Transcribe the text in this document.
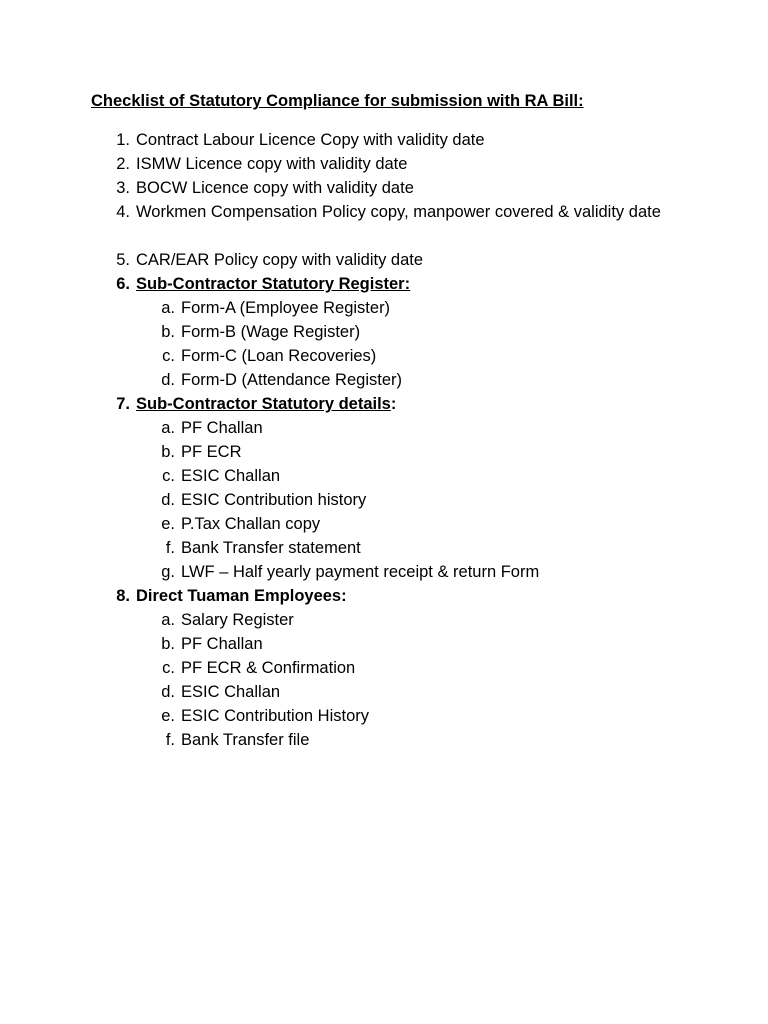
Checklist of Statutory Compliance for submission with RA Bill:
1. Contract Labour Licence Copy with validity date
2. ISMW Licence copy with validity date
3. BOCW Licence copy with validity date
4. Workmen Compensation Policy copy, manpower covered & validity date
5. CAR/EAR Policy copy with validity date
6. Sub-Contractor Statutory Register:
a. Form-A (Employee Register)
b. Form-B (Wage Register)
c. Form-C (Loan Recoveries)
d. Form-D (Attendance Register)
7. Sub-Contractor Statutory details:
a. PF Challan
b. PF ECR
c. ESIC Challan
d. ESIC Contribution history
e. P.Tax Challan copy
f. Bank Transfer statement
g. LWF – Half yearly payment receipt & return Form
8. Direct Tuaman Employees:
a. Salary Register
b. PF Challan
c. PF ECR & Confirmation
d. ESIC Challan
e. ESIC Contribution History
f. Bank Transfer file
